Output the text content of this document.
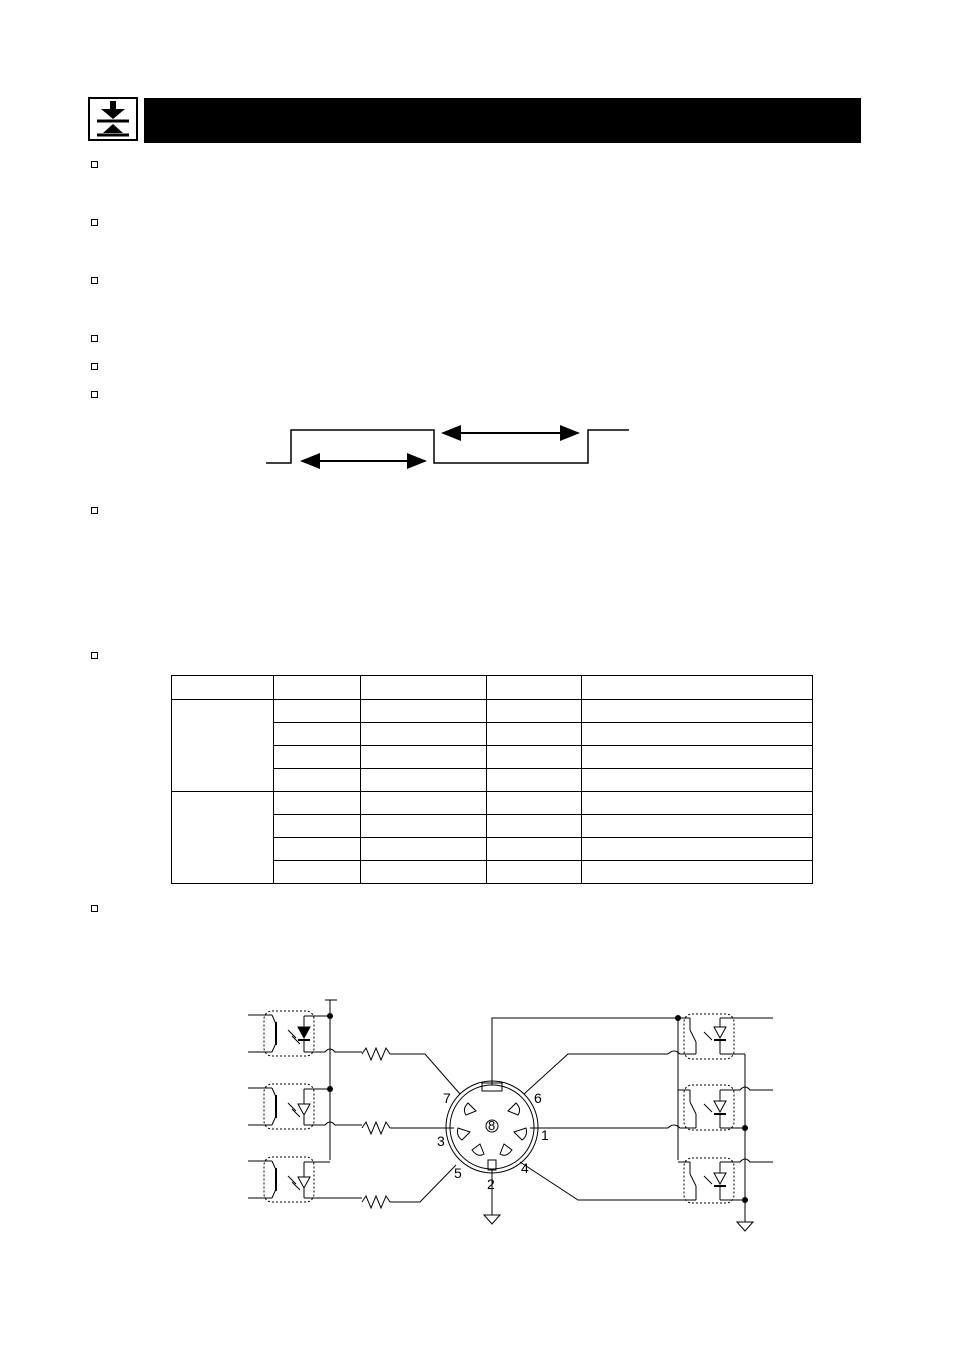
7	6
8
3	1
5
2
4
